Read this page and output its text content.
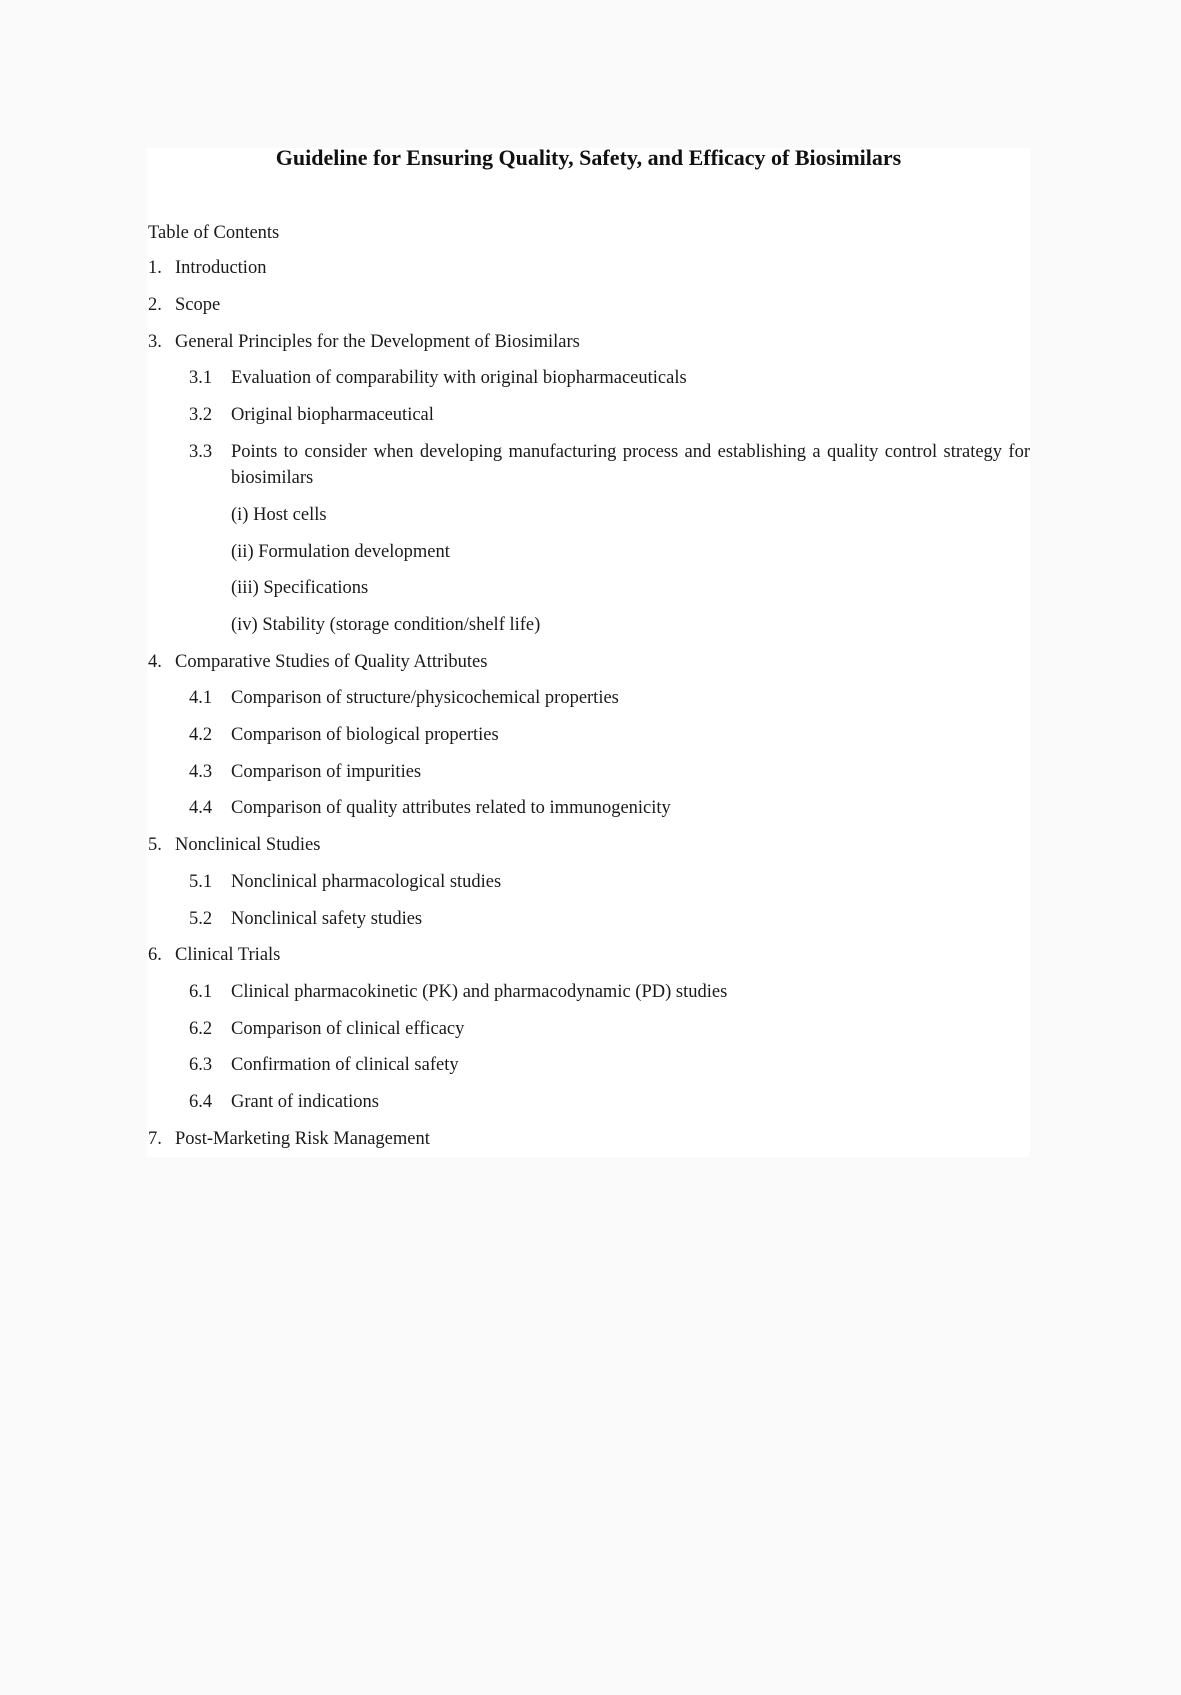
Guideline for Ensuring Quality, Safety, and Efficacy of Biosimilars
Table of Contents
1. Introduction
2. Scope
3. General Principles for the Development of Biosimilars
3.1 Evaluation of comparability with original biopharmaceuticals
3.2 Original biopharmaceutical
3.3 Points to consider when developing manufacturing process and establishing a quality control strategy for biosimilars
(i) Host cells
(ii) Formulation development
(iii) Specifications
(iv) Stability (storage condition/shelf life)
4. Comparative Studies of Quality Attributes
4.1 Comparison of structure/physicochemical properties
4.2 Comparison of biological properties
4.3 Comparison of impurities
4.4 Comparison of quality attributes related to immunogenicity
5. Nonclinical Studies
5.1 Nonclinical pharmacological studies
5.2 Nonclinical safety studies
6. Clinical Trials
6.1 Clinical pharmacokinetic (PK) and pharmacodynamic (PD) studies
6.2 Comparison of clinical efficacy
6.3 Confirmation of clinical safety
6.4 Grant of indications
7. Post-Marketing Risk Management
